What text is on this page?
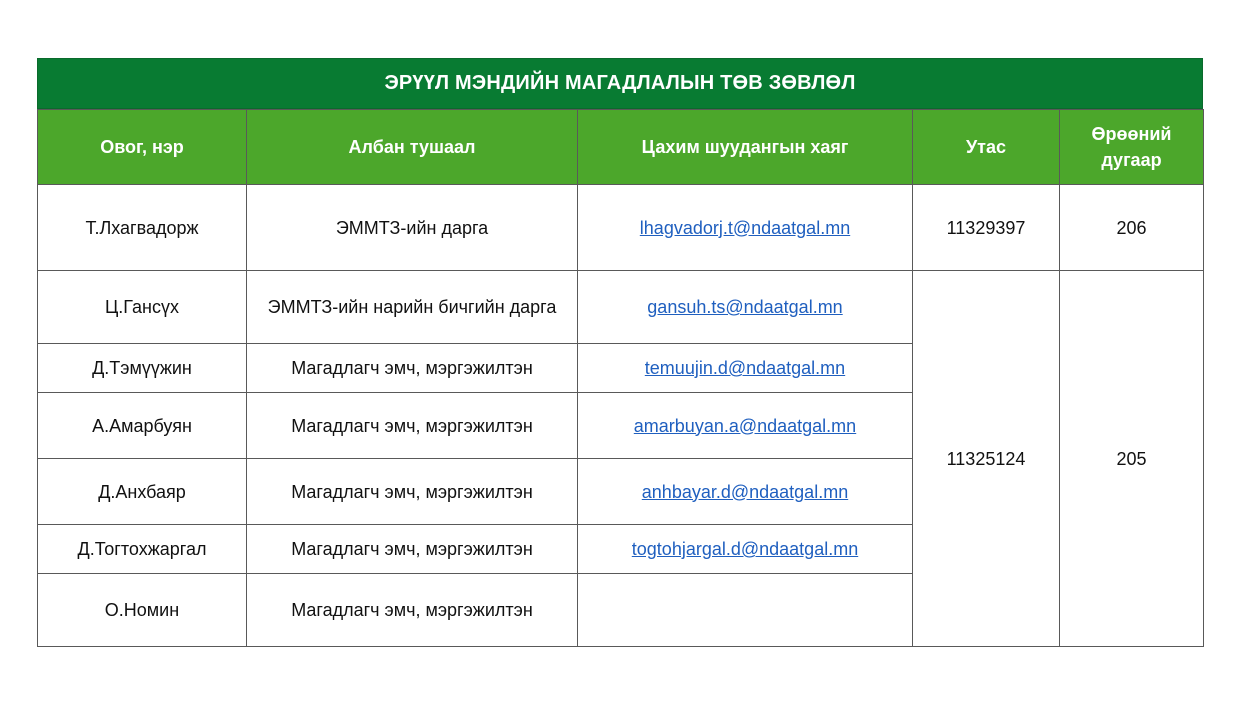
ЭРҮҮЛ МЭНДИЙН МАГАДЛАЛЫН ТӨВ ЗӨВЛӨЛ
Овог, нэр	Албан тушаал	Цахим шуудангын хаяг	Утас	Өрөөний
дугаар
Т.Лхагвадорж	ЭММТЗ-ийн дарга	lhagvadorj.t@ndaatgal.mn	11329397	206
Ц.Гансүх	ЭММТЗ-ийн нарийн бичгийн дарга	gansuh.ts@ndaatgal.mn	11325124	205
Д.Тэмүүжин	Магадлагч эмч, мэргэжилтэн	temuujin.d@ndaatgal.mn		
А.Амарбуян	Магадлагч эмч, мэргэжилтэн	amarbuyan.a@ndaatgal.mn		
Д.Анхбаяр	Магадлагч эмч, мэргэжилтэн	anhbayar.d@ndaatgal.mn		
Д.Тогтохжаргал	Магадлагч эмч, мэргэжилтэн	togtohjargal.d@ndaatgal.mn		
О.Номин	Магадлагч эмч, мэргэжилтэн			
